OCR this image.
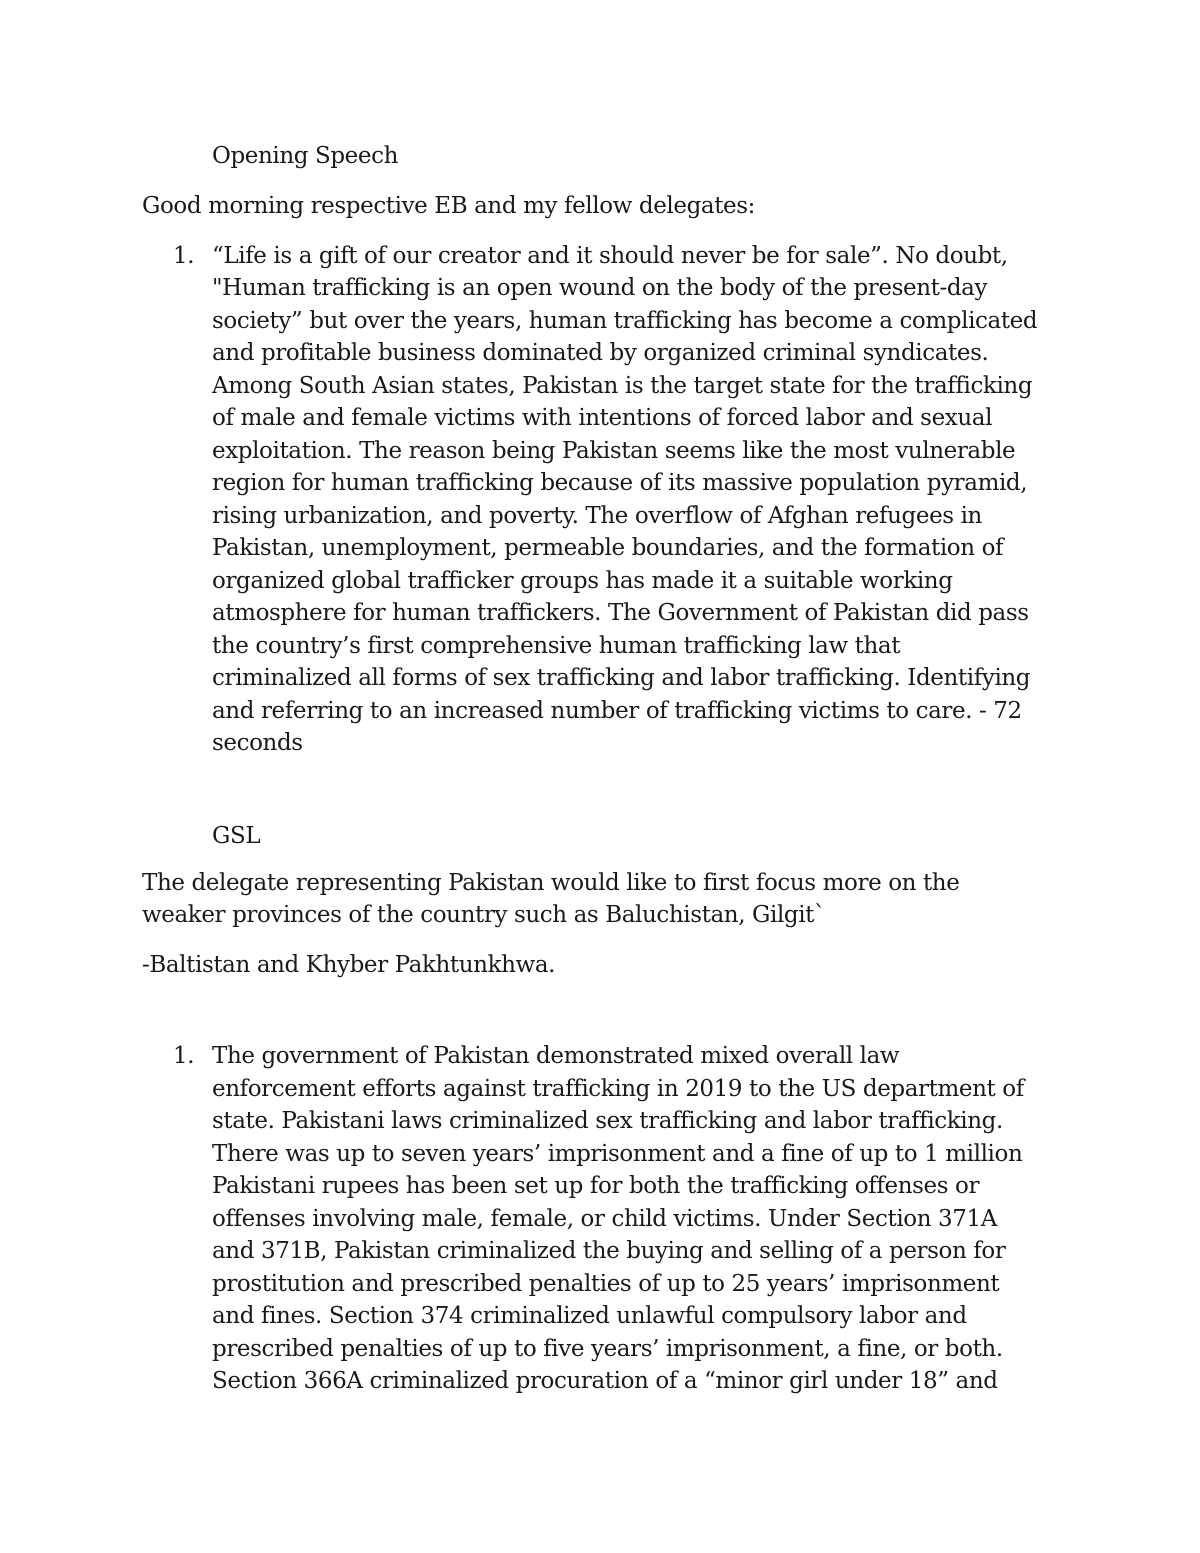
Opening Speech
Good morning respective EB and my fellow delegates:
1. “Life is a gift of our creator and it should never be for sale”. No doubt,
"Human trafficking is an open wound on the body of the present-day
society” but over the years, human trafficking has become a complicated
and profitable business dominated by organized criminal syndicates.
Among South Asian states, Pakistan is the target state for the trafficking
of male and female victims with intentions of forced labor and sexual
exploitation. The reason being Pakistan seems like the most vulnerable
region for human trafficking because of its massive population pyramid,
rising urbanization, and poverty. The overflow of Afghan refugees in
Pakistan, unemployment, permeable boundaries, and the formation of
organized global trafficker groups has made it a suitable working
atmosphere for human traffickers. The Government of Pakistan did pass
the country’s first comprehensive human trafficking law that
criminalized all forms of sex trafficking and labor trafficking. Identifying
and referring to an increased number of trafficking victims to care. - 72
seconds
GSL
The delegate representing Pakistan would like to first focus more on the
weaker provinces of the country such as Baluchistan, Gilgit`
-Baltistan and Khyber Pakhtunkhwa.
1. The government of Pakistan demonstrated mixed overall law
enforcement efforts against trafficking in 2019 to the US department of
state. Pakistani laws criminalized sex trafficking and labor trafficking.
There was up to seven years’ imprisonment and a fine of up to 1 million
Pakistani rupees has been set up for both the trafficking offenses or
offenses involving male, female, or child victims. Under Section 371A
and 371B, Pakistan criminalized the buying and selling of a person for
prostitution and prescribed penalties of up to 25 years’ imprisonment
and fines. Section 374 criminalized unlawful compulsory labor and
prescribed penalties of up to five years’ imprisonment, a fine, or both.
Section 366A criminalized procuration of a “minor girl under 18” and
